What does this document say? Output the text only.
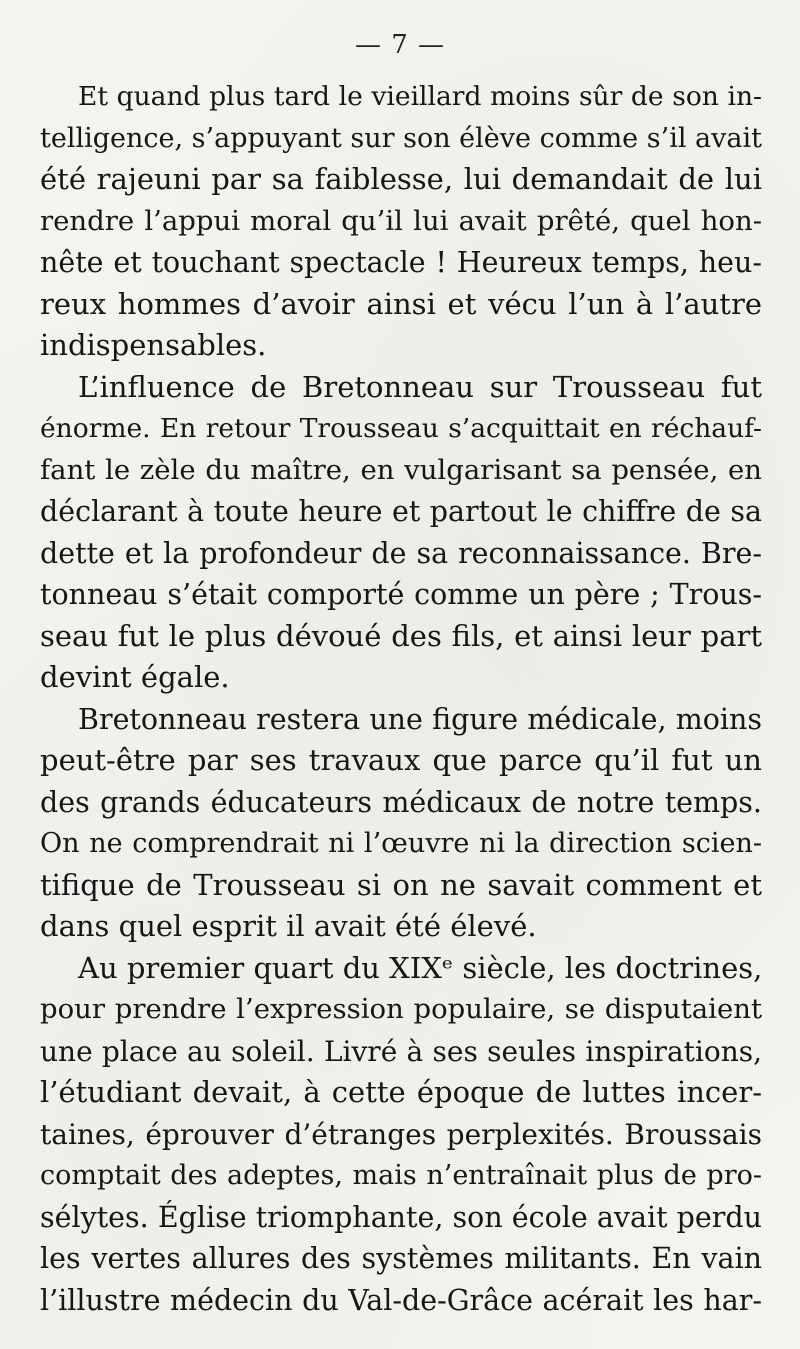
— 7 —
Et quand plus tard le vieillard moins sûr de son in-
telligence, s’appuyant sur son élève comme s’il avait
été rajeuni par sa faiblesse, lui demandait de lui
rendre l’appui moral qu’il lui avait prêté, quel hon-
nête et touchant spectacle ! Heureux temps, heu-
reux hommes d’avoir ainsi et vécu l’un à l’autre
indispensables.
L’influence de Bretonneau sur Trousseau fut
énorme. En retour Trousseau s’acquittait en réchauf-
fant le zèle du maître, en vulgarisant sa pensée, en
déclarant à toute heure et partout le chiffre de sa
dette et la profondeur de sa reconnaissance. Bre-
tonneau s’était comporté comme un père ; Trous-
seau fut le plus dévoué des fils, et ainsi leur part
devint égale.
Bretonneau restera une figure médicale, moins
peut-être par ses travaux que parce qu’il fut un
des grands éducateurs médicaux de notre temps.
On ne comprendrait ni l’œuvre ni la direction scien-
tifique de Trousseau si on ne savait comment et
dans quel esprit il avait été élevé.
Au premier quart du XIXᵉ siècle, les doctrines,
pour prendre l’expression populaire, se disputaient
une place au soleil. Livré à ses seules inspirations,
l’étudiant devait, à cette époque de luttes incer-
taines, éprouver d’étranges perplexités. Broussais
comptait des adeptes, mais n’entraînait plus de pro-
sélytes. Église triomphante, son école avait perdu
les vertes allures des systèmes militants. En vain
l’illustre médecin du Val-de-Grâce acérait les har-
